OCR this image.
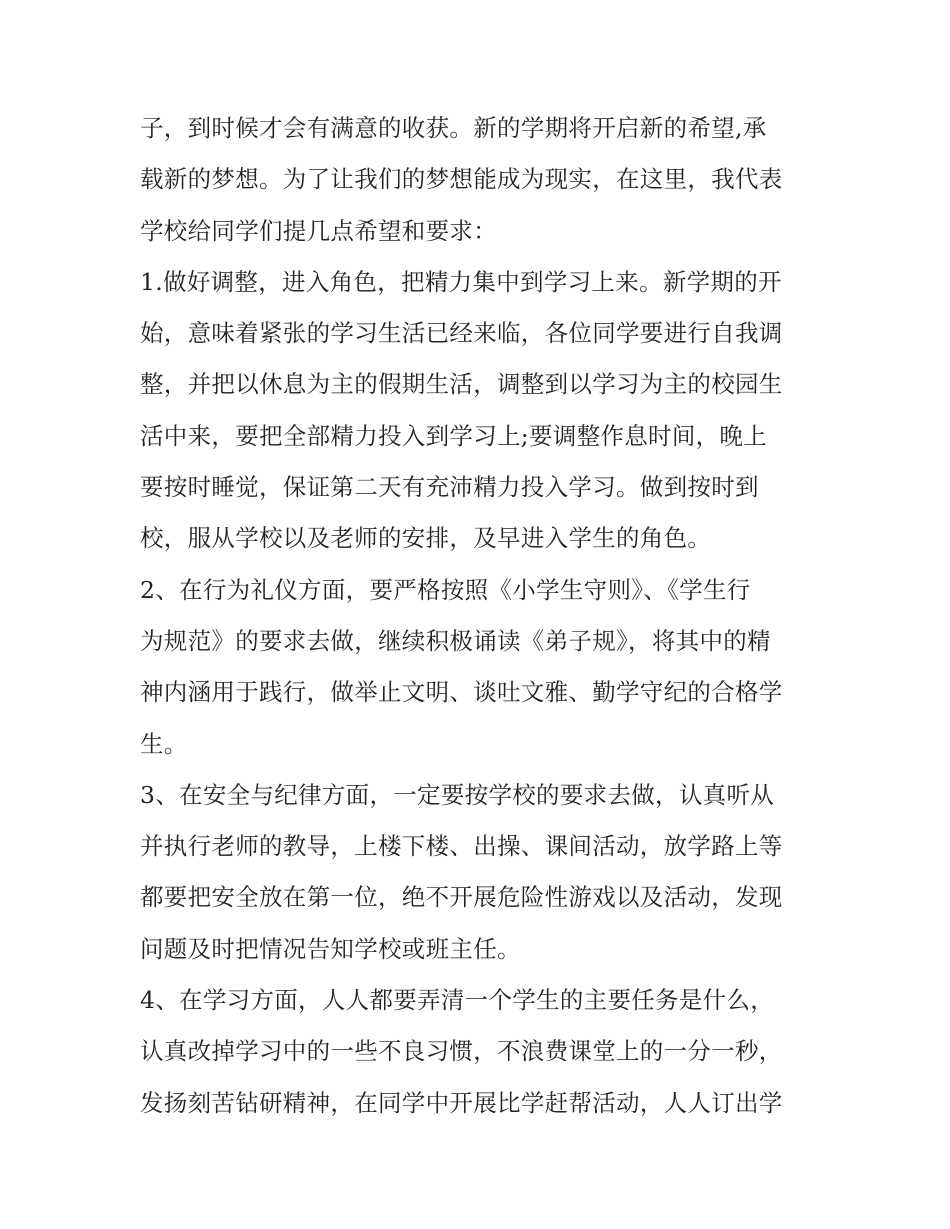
子，到时候才会有满意的收获。新的学期将开启新的希望,承
载新的梦想。为了让我们的梦想能成为现实，在这里，我代表
学校给同学们提几点希望和要求：
1.做好调整，进入角色，把精力集中到学习上来。新学期的开
始，意味着紧张的学习生活已经来临，各位同学要进行自我调
整，并把以休息为主的假期生活，调整到以学习为主的校园生
活中来，要把全部精力投入到学习上;要调整作息时间，晚上
要按时睡觉，保证第二天有充沛精力投入学习。做到按时到
校，服从学校以及老师的安排，及早进入学生的角色。
2、在行为礼仪方面，要严格按照《小学生守则》、《学生行
为规范》的要求去做，继续积极诵读《弟子规》，将其中的精
神内涵用于践行，做举止文明、谈吐文雅、勤学守纪的合格学
生。
3、在安全与纪律方面，一定要按学校的要求去做，认真听从
并执行老师的教导，上楼下楼、出操、课间活动，放学路上等
都要把安全放在第一位，绝不开展危险性游戏以及活动，发现
问题及时把情况告知学校或班主任。
4、在学习方面，人人都要弄清一个学生的主要任务是什么，
认真改掉学习中的一些不良习惯，不浪费课堂上的一分一秒，
发扬刻苦钻研精神，在同学中开展比学赶帮活动，人人订出学
